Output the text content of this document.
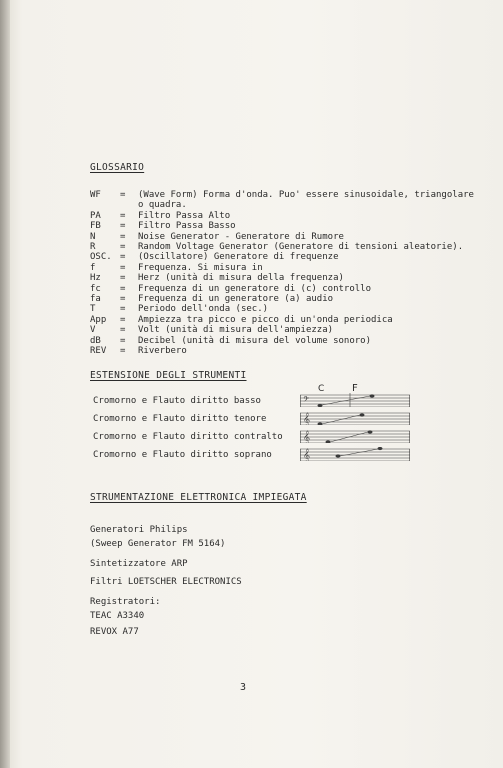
GLOSSARIO
WF	=	(Wave Form) Forma d'onda. Puo' essere sinusoidale, triangolare o quadra.
PA	=	Filtro Passa Alto
FB	=	Filtro Passa Basso
N	=	Noise Generator - Generatore di Rumore
R	=	Random Voltage Generator (Generatore di tensioni aleatorie).
OSC. =	(Oscillatore) Generatore di frequenze
f	=	Frequenza. Si misura in
Hz	=	Herz (unità di misura della frequenza)
fc	=	Frequenza di un generatore di (c) controllo
fa	=	Frequenza di un generatore (a) audio
T	=	Periodo dell'onda (sec.)
App	=	Ampiezza tra picco e picco di un'onda periodica
V	=	Volt (unità di misura dell'ampiezza)
dB	=	Decibel (unità di misura del volume sonoro)
REV	=	Riverbero
ESTENSIONE DEGLI STRUMENTI
Cromorno e Flauto diritto basso
Cromorno e Flauto diritto tenore
Cromorno e Flauto diritto contralto
Cromorno e Flauto diritto soprano
C	F
𝄢
𝄞
𝄞
𝄞
STRUMENTAZIONE ELETTRONICA IMPIEGATA
Generatori Philips
(Sweep Generator FM 5164)
Sintetizzatore ARP
Filtri LOETSCHER ELECTRONICS
Registratori:
TEAC A3340
REVOX A77
3
